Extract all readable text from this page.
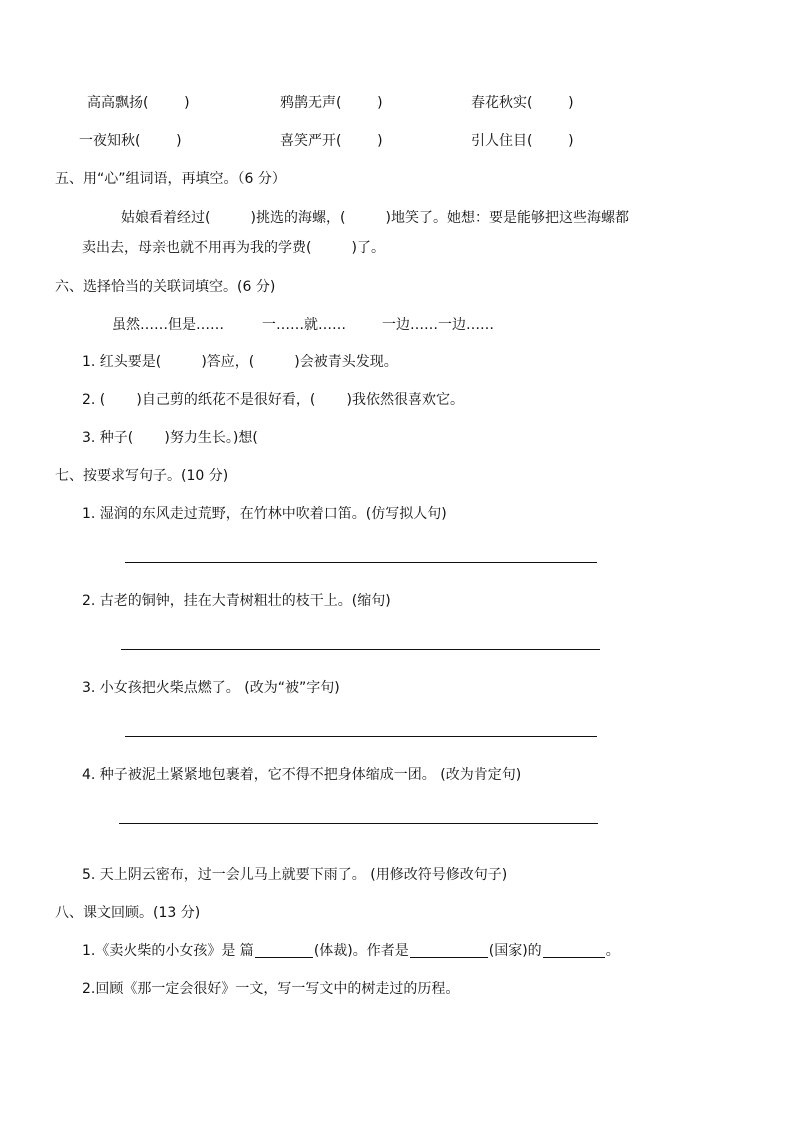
高高飘扬(        )	鸦鹊无声(        )	春花秋实(        )
一夜知秋(        )	喜笑严开(        )	引人住目(        )
五、用“心”组词语，再填空。（6 分）
姑娘看着经过(         )挑选的海螺，(         )地笑了。她想：要是能够把这些海螺都
卖出去，母亲也就不用再为我的学费(         )了。
六、选择恰当的关联词填空。(6 分)
虽然……但是……	一……就……	一边……一边……
1. 红头要是(         )答应，(         )会被青头发现。
2. (       )自己剪的纸花不是很好看，(       )我依然很喜欢它。
3. 种子(       )努力生长。)想(
七、按要求写句子。(10 分)
1. 湿润的东风走过荒野，在竹林中吹着口笛。(仿写拟人句)
2. 古老的铜钟，挂在大青树粗壮的枝干上。(缩句)
3. 小女孩把火柴点燃了。 (改为“被”字句)
4. 种子被泥土紧紧地包裹着，它不得不把身体缩成一团。 (改为肯定句)
5. 天上阴云密布，过一会儿马上就要下雨了。 (用修改符号修改句子)
八、课文回顾。(13 分)
1.《卖火柴的小女孩》是 篇	(体裁)。作者是	(国家)的	。
2.回顾《那一定会很好》一文，写一写文中的树走过的历程。
